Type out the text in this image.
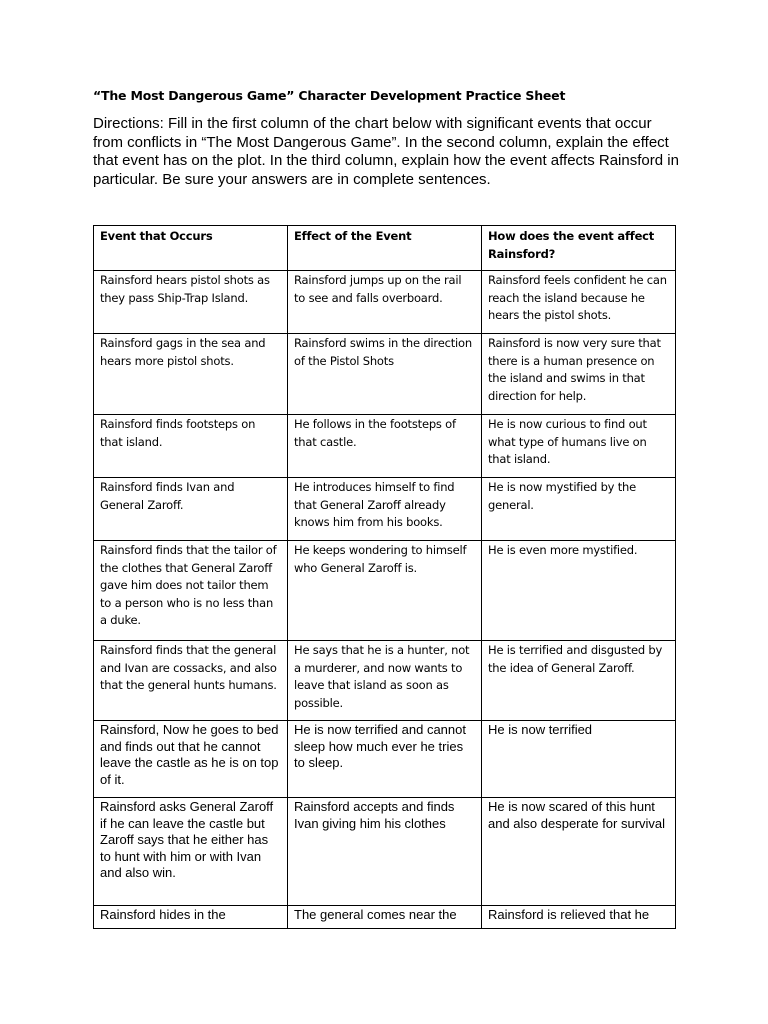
“The Most Dangerous Game” Character Development Practice Sheet
Directions: Fill in the first column of the chart below with significant events that occur from conflicts in “The Most Dangerous Game”. In the second column, explain the effect that event has on the plot. In the third column, explain how the event affects Rainsford in particular. Be sure your answers are in complete sentences.
Event that Occurs	Effect of the Event	How does the event affect Rainsford?
Rainsford hears pistol shots as they pass Ship-Trap Island.	Rainsford jumps up on the rail to see and falls overboard.	Rainsford feels confident he can reach the island because he hears the pistol shots.
Rainsford gags in the sea and hears more pistol shots.	Rainsford swims in the direction of the Pistol Shots	Rainsford is now very sure that there is a human presence on the island and swims in that direction for help.
Rainsford finds footsteps on that island.	He follows in the footsteps of that castle.	He is now curious to find out what type of humans live on that island.
Rainsford finds Ivan and General Zaroff.	He introduces himself to find that General Zaroff already knows him from his books.	He is now mystified by the general.
Rainsford finds that the tailor of the clothes that General Zaroff gave him does not tailor them to a person who is no less than a duke.	He keeps wondering to himself who General Zaroff is.	He is even more mystified.
Rainsford finds that the general and Ivan are cossacks, and also that the general hunts humans.	He says that he is a hunter, not a murderer, and now wants to leave that island as soon as possible.	He is terrified and disgusted by the idea of General Zaroff.
Rainsford, Now he goes to bed and finds out that he cannot leave the castle as he is on top of it.	He is now terrified and cannot sleep how much ever he tries to sleep.	He is now terrified
Rainsford asks General Zaroff if he can leave the castle but Zaroff says that he either has to hunt with him or with Ivan and also win.	Rainsford accepts and finds Ivan giving him his clothes	He is now scared of this hunt and also desperate for survival
Rainsford hides in the	The general comes near the	Rainsford is relieved that he
